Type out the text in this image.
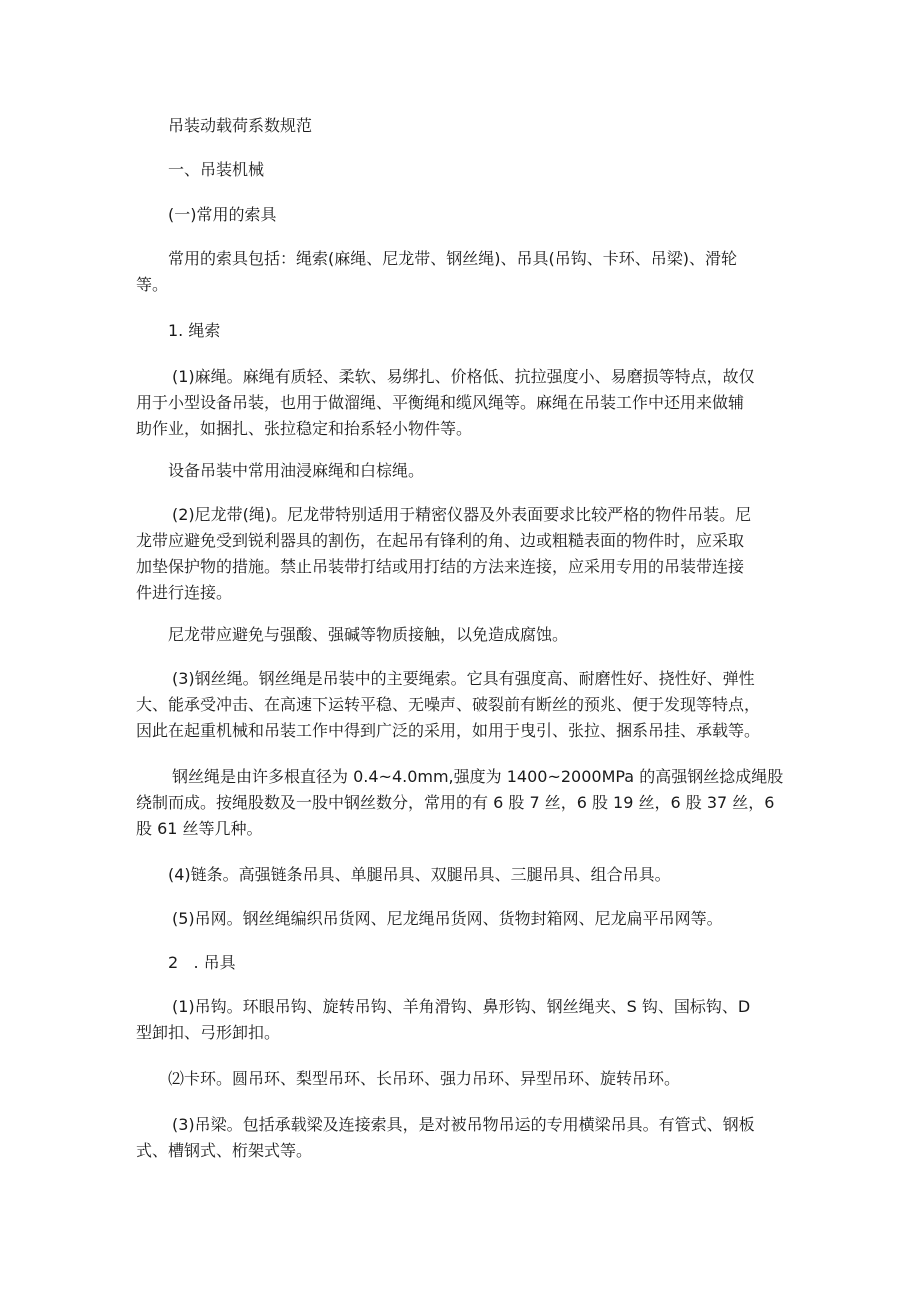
吊装动载荷系数规范

一、吊装机械

(一)常用的索具

常用的索具包括：绳索(麻绳、尼龙带、钢丝绳)、吊具(吊钩、卡环、吊梁)、滑轮

等。

1. 绳索

(1)麻绳。麻绳有质轻、柔软、易绑扎、价格低、抗拉强度小、易磨损等特点，故仅

用于小型设备吊装，也用于做溜绳、平衡绳和缆风绳等。麻绳在吊装工作中还用来做辅

助作业，如捆扎、张拉稳定和抬系轻小物件等。

设备吊装中常用油浸麻绳和白棕绳。

(2)尼龙带(绳)。尼龙带特别适用于精密仪器及外表面要求比较严格的物件吊装。尼

龙带应避免受到锐利器具的割伤，在起吊有锋利的角、边或粗糙表面的物件时，应采取

加垫保护物的措施。禁止吊装带打结或用打结的方法来连接，应采用专用的吊装带连接

件进行连接。

尼龙带应避免与强酸、强碱等物质接触，以免造成腐蚀。

(3)钢丝绳。钢丝绳是吊装中的主要绳索。它具有强度高、耐磨性好、挠性好、弹性

大、能承受冲击、在高速下运转平稳、无噪声、破裂前有断丝的预兆、便于发现等特点，

因此在起重机械和吊装工作中得到广泛的采用，如用于曳引、张拉、捆系吊挂、承载等。

钢丝绳是由许多根直径为 0.4~4.0mm,强度为 1400~2000MPa 的高强钢丝捻成绳股

绕制而成。按绳股数及一股中钢丝数分，常用的有 6 股 7 丝，6 股 19 丝，6 股 37 丝，6

股 61 丝等几种。

(4)链条。高强链条吊具、单腿吊具、双腿吊具、三腿吊具、组合吊具。

(5)吊网。钢丝绳编织吊货网、尼龙绳吊货网、货物封箱网、尼龙扁平吊网等。

2   . 吊具

(1)吊钩。环眼吊钩、旋转吊钩、羊角滑钩、鼻形钩、钢丝绳夹、S 钩、国标钩、D

型卸扣、弓形卸扣。

⑵卡环。圆吊环、梨型吊环、长吊环、强力吊环、异型吊环、旋转吊环。

(3)吊梁。包括承载梁及连接索具，是对被吊物吊运的专用横梁吊具。有管式、钢板

式、槽钢式、桁架式等。
